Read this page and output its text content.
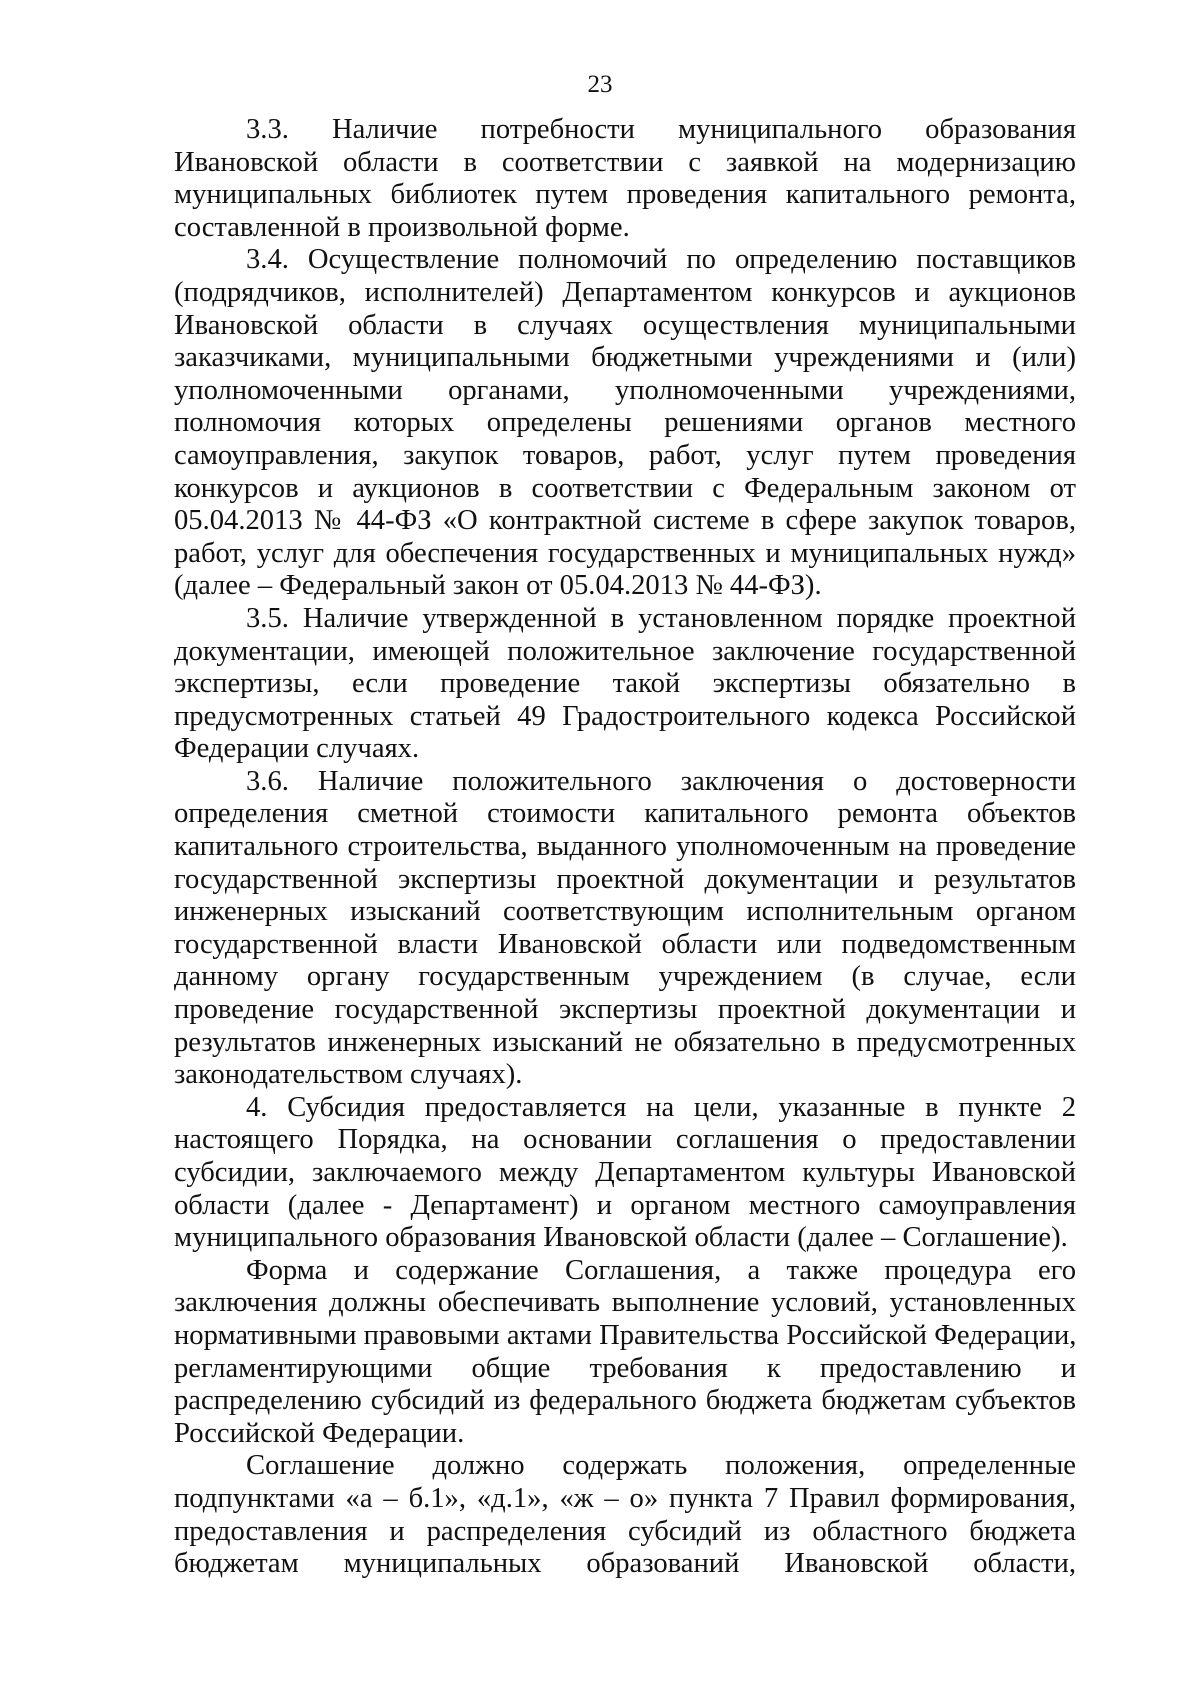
23
3.3. Наличие потребности муниципального образования
Ивановской области в соответствии с заявкой на модернизацию
муниципальных библиотек путем проведения капитального ремонта,
составленной в произвольной форме.
3.4. Осуществление полномочий по определению поставщиков
(подрядчиков, исполнителей) Департаментом конкурсов и аукционов
Ивановской области в случаях осуществления муниципальными
заказчиками, муниципальными бюджетными учреждениями и (или)
уполномоченными органами, уполномоченными учреждениями,
полномочия которых определены решениями органов местного
самоуправления, закупок товаров, работ, услуг путем проведения
конкурсов и аукционов в соответствии с Федеральным законом от
05.04.2013 № 44-ФЗ «О контрактной системе в сфере закупок товаров,
работ, услуг для обеспечения государственных и муниципальных нужд»
(далее – Федеральный закон от 05.04.2013 № 44-ФЗ).
3.5. Наличие утвержденной в установленном порядке проектной
документации, имеющей положительное заключение государственной
экспертизы, если проведение такой экспертизы обязательно в
предусмотренных статьей 49 Градостроительного кодекса Российской
Федерации случаях.
3.6. Наличие положительного заключения о достоверности
определения сметной стоимости капитального ремонта объектов
капитального строительства, выданного уполномоченным на проведение
государственной экспертизы проектной документации и результатов
инженерных изысканий соответствующим исполнительным органом
государственной власти Ивановской области или подведомственным
данному органу государственным учреждением (в случае, если
проведение государственной экспертизы проектной документации и
результатов инженерных изысканий не обязательно в предусмотренных
законодательством случаях).
4. Субсидия предоставляется на цели, указанные в пункте 2
настоящего Порядка, на основании соглашения о предоставлении
субсидии, заключаемого между Департаментом культуры Ивановской
области (далее - Департамент) и органом местного самоуправления
муниципального образования Ивановской области (далее – Соглашение).
Форма и содержание Соглашения, а также процедура его
заключения должны обеспечивать выполнение условий, установленных
нормативными правовыми актами Правительства Российской Федерации,
регламентирующими общие требования к предоставлению и
распределению субсидий из федерального бюджета бюджетам субъектов
Российской Федерации.
Соглашение должно содержать положения, определенные
подпунктами «а – б.1», «д.1», «ж – о» пункта 7 Правил формирования,
предоставления и распределения субсидий из областного бюджета
бюджетам муниципальных образований Ивановской области,
